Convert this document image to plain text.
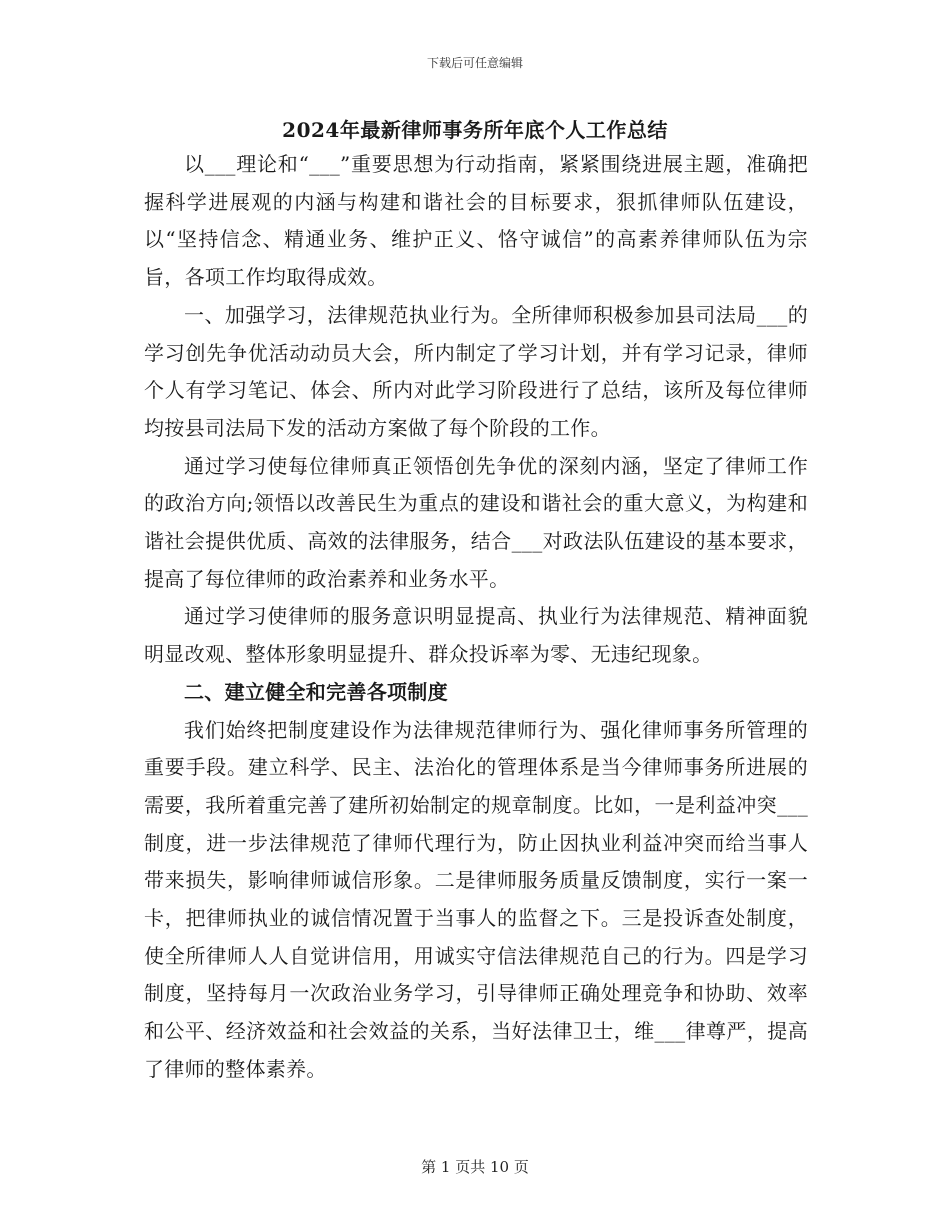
下载后可任意编辑
2024年最新律师事务所年底个人工作总结

以___理论和“___”重要思想为行动指南，紧紧围绕进展主题，准确把握科学进展观的内涵与构建和谐社会的目标要求，狠抓律师队伍建设，以“坚持信念、精通业务、维护正义、恪守诚信”的高素养律师队伍为宗旨，各项工作均取得成效。

一、加强学习，法律规范执业行为。全所律师积极参加县司法局___的学习创先争优活动动员大会，所内制定了学习计划，并有学习记录，律师个人有学习笔记、体会、所内对此学习阶段进行了总结，该所及每位律师均按县司法局下发的活动方案做了每个阶段的工作。

通过学习使每位律师真正领悟创先争优的深刻内涵，坚定了律师工作的政治方向;领悟以改善民生为重点的建设和谐社会的重大意义，为构建和谐社会提供优质、高效的法律服务，结合___对政法队伍建设的基本要求，提高了每位律师的政治素养和业务水平。

通过学习使律师的服务意识明显提高、执业行为法律规范、精神面貌明显改观、整体形象明显提升、群众投诉率为零、无违纪现象。

二、建立健全和完善各项制度

我们始终把制度建设作为法律规范律师行为、强化律师事务所管理的重要手段。建立科学、民主、法治化的管理体系是当今律师事务所进展的需要，我所着重完善了建所初始制定的规章制度。比如，一是利益冲突___制度，进一步法律规范了律师代理行为，防止因执业利益冲突而给当事人带来损失，影响律师诚信形象。二是律师服务质量反馈制度，实行一案一卡，把律师执业的诚信情况置于当事人的监督之下。三是投诉查处制度，使全所律师人人自觉讲信用，用诚实守信法律规范自己的行为。四是学习制度，坚持每月一次政治业务学习，引导律师正确处理竞争和协助、效率和公平、经济效益和社会效益的关系，当好法律卫士，维___律尊严，提高了律师的整体素养。

第 1 页共 10 页
